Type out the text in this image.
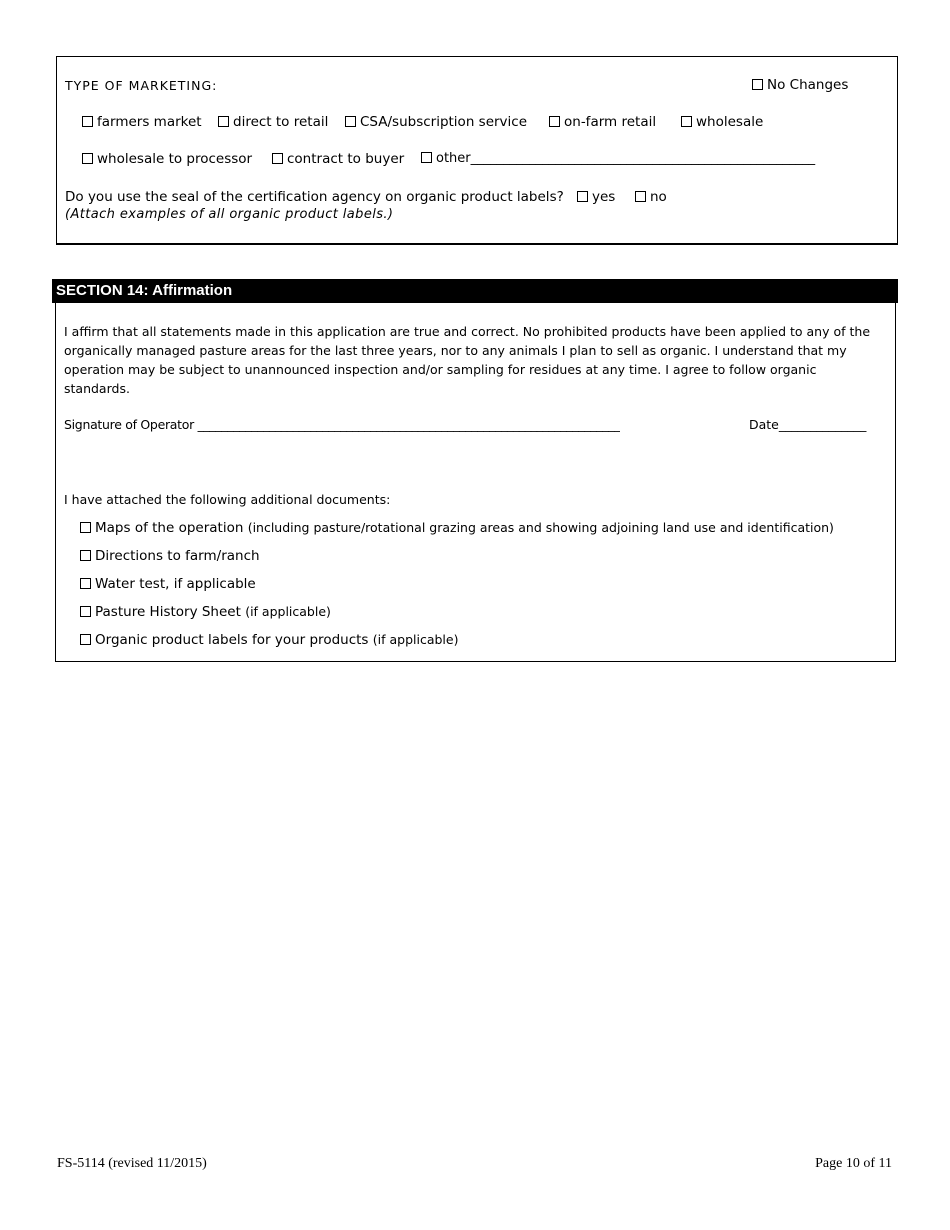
TYPE OF MARKETING:	No Changes
farmers market	direct to retail	CSA/subscription service	on-farm retail	wholesale
wholesale to processor	contract to buyer	other_____________________________________________________
Do you use the seal of the certification agency on organic product labels?	yes	no
(Attach examples of all organic product labels.)
SECTION 14: Affirmation
I affirm that all statements made in this application are true and correct. No prohibited products have been applied to any of the organically managed pasture areas for the last three years, nor to any animals I plan to sell as organic. I understand that my operation may be subject to unannounced inspection and/or sampling for residues at any time. I agree to follow organic standards.
Signature of Operator _______________________________________________________________________	Date______________
I have attached the following additional documents:
Maps of the operation (including pasture/rotational grazing areas and showing adjoining land use and identification)
Directions to farm/ranch
Water test, if applicable
Pasture History Sheet (if applicable)
Organic product labels for your products (if applicable)
FS-5114 (revised 11/2015)	Page 10 of 11
